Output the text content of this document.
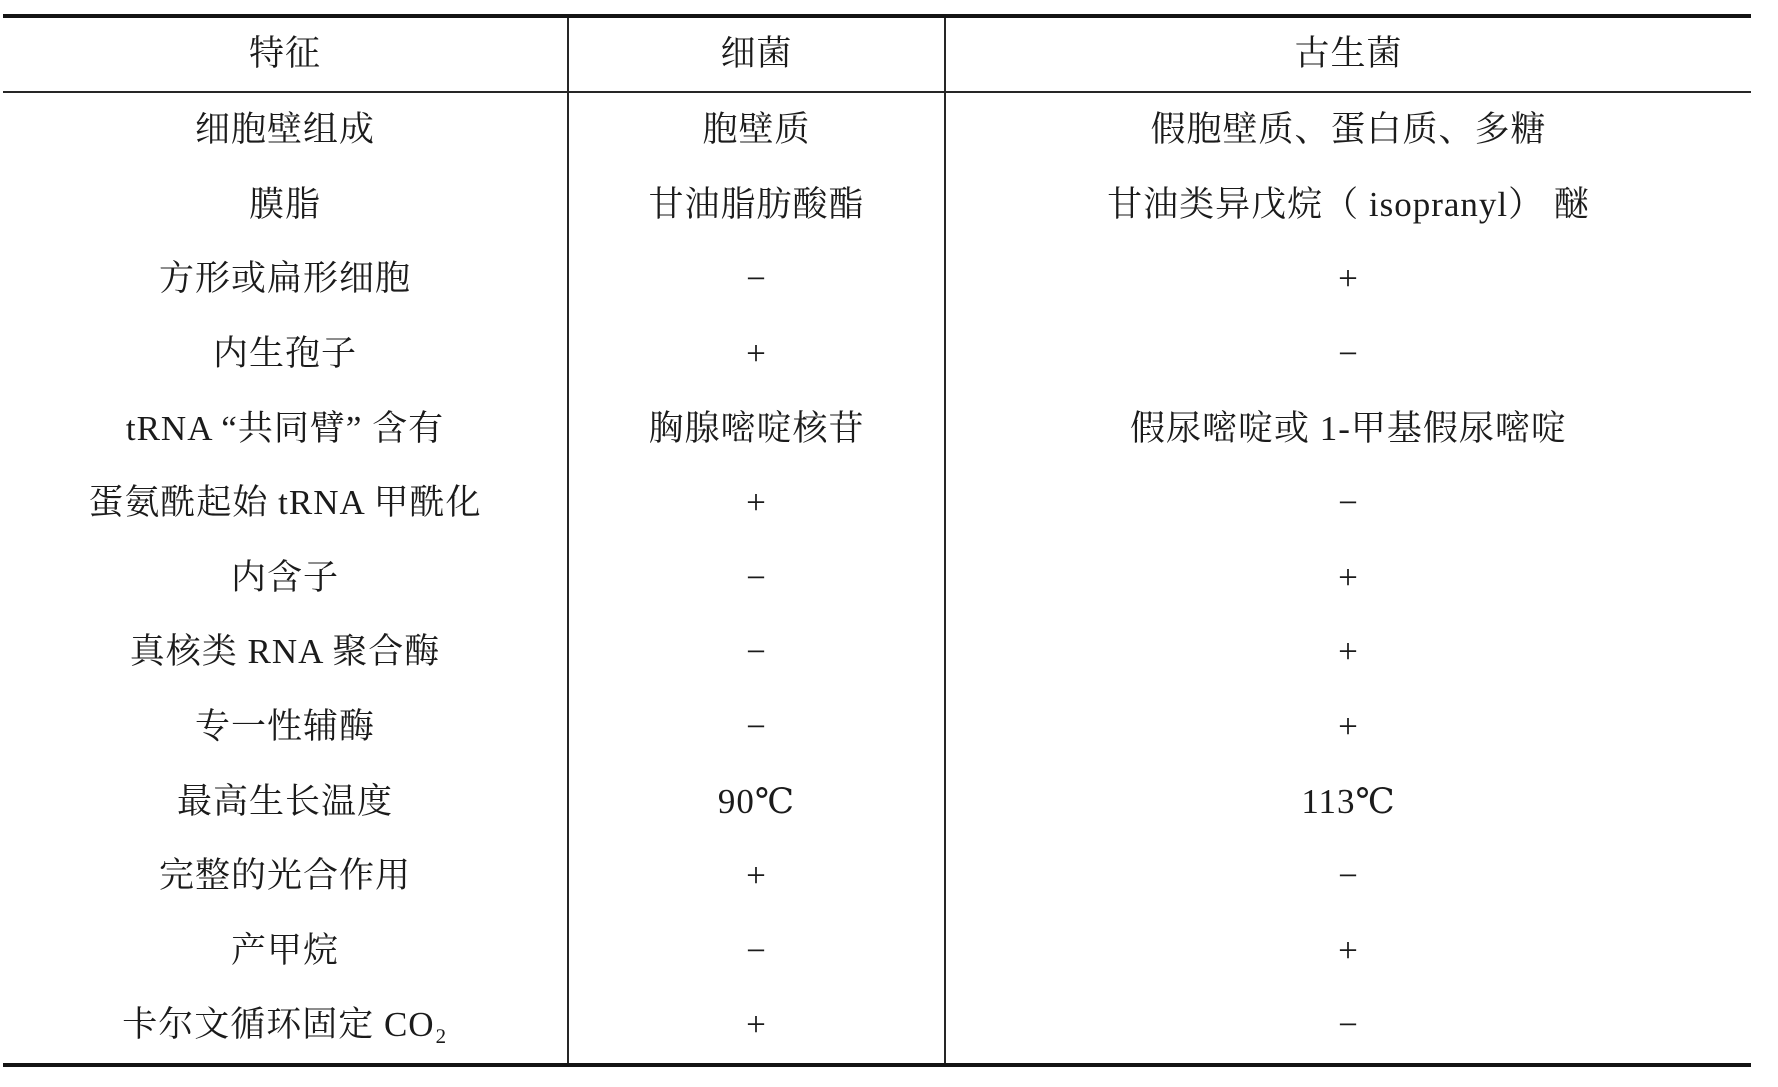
特征	细菌	古生菌
细胞壁组成	胞壁质	假胞壁质、蛋白质、多糖
膜脂	甘油脂肪酸酯	甘油类异戊烷（ isopranyl） 醚
方形或扁形细胞	−	+
内生孢子	+	−
tRNA “共同臂” 含有	胸腺嘧啶核苷	假尿嘧啶或 1-甲基假尿嘧啶
蛋氨酰起始 tRNA 甲酰化	+	−
内含子	−	+
真核类 RNA 聚合酶	−	+
专一性辅酶	−	+
最高生长温度	90℃	113℃
完整的光合作用	+	−
产甲烷	−	+
卡尔文循环固定 CO₂	+	−
